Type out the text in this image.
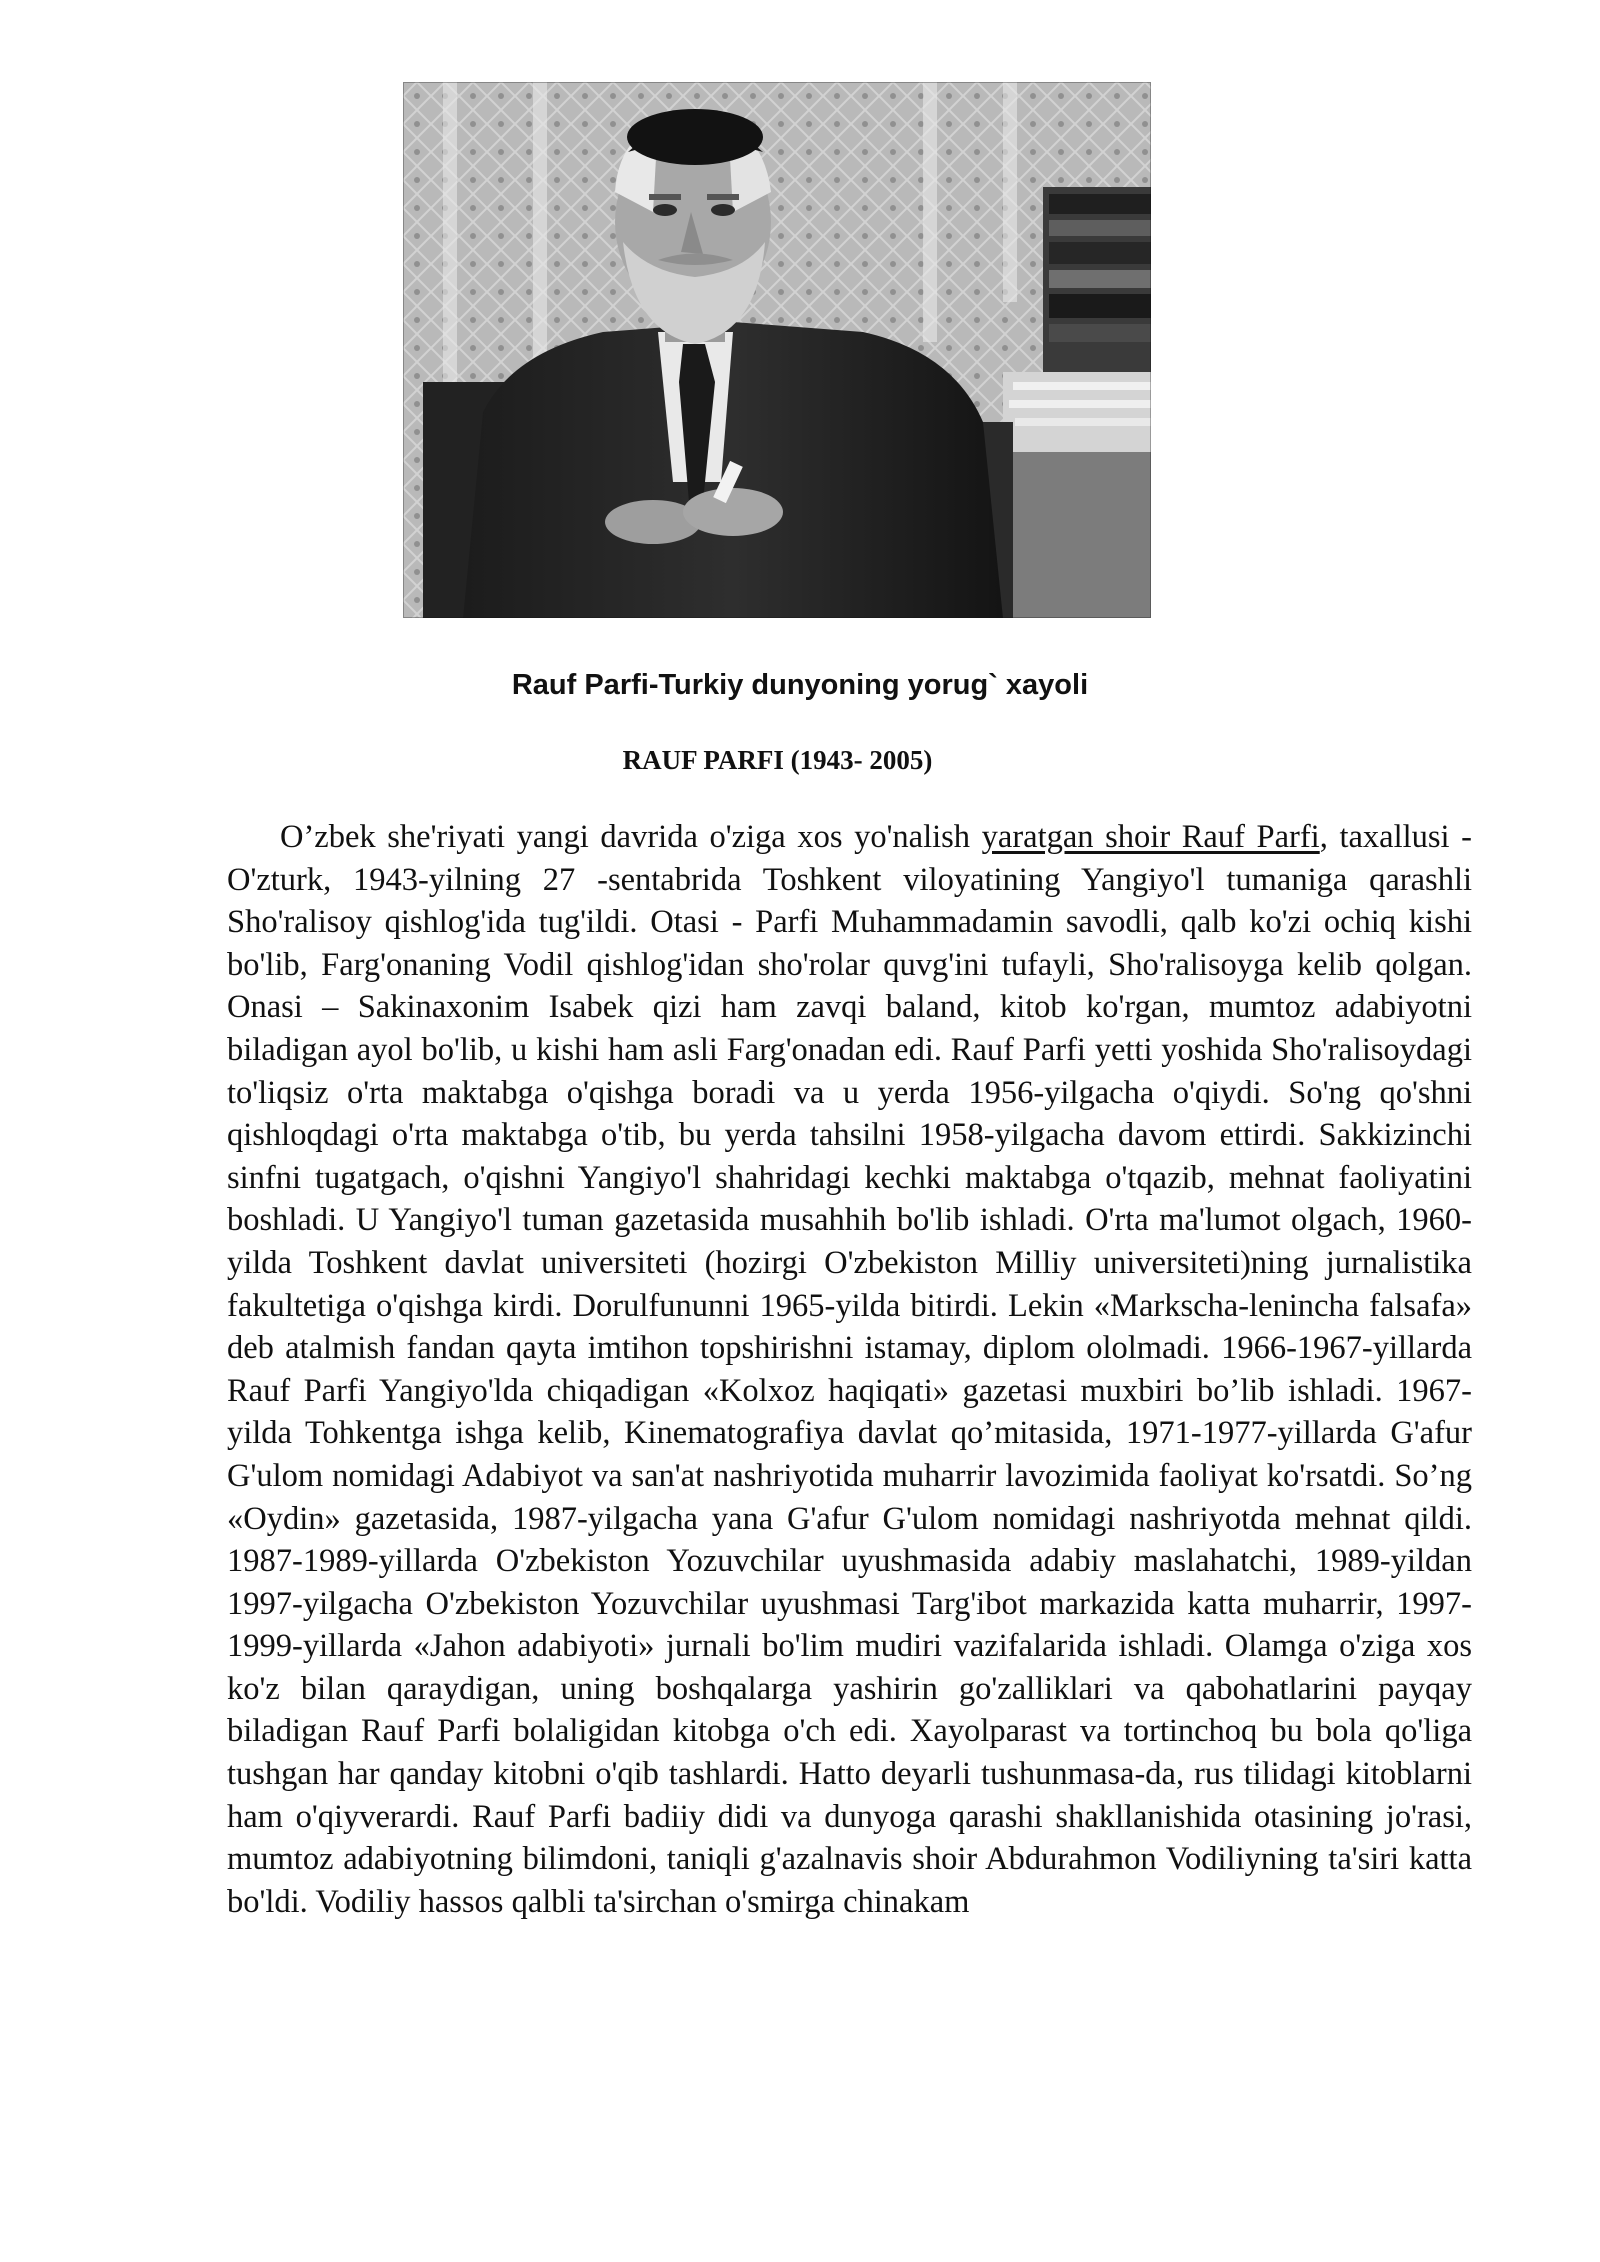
Rauf Parfi-Turkiy dunyoning yorug` xayoli
RAUF PARFI (1943- 2005)

O’zbek she'riyati yangi davrida o'ziga xos yo'nalish yaratgan shoir Rauf Parfi, taxallusi - O'zturk, 1943-yilning 27 -sentabrida Toshkent viloyatining Yangiyo'l tumaniga qarashli Sho'ralisoy qishlog'ida tug'ildi. Otasi - Parfi Muhammadamin savodli, qalb ko'zi ochiq kishi bo'lib, Farg'onaning Vodil qishlog'idan sho'rolar quvg'ini tufayli, Sho'ralisoyga kelib qolgan. Onasi – Sakinaxonim Isabek qizi ham zavqi baland, kitob ko'rgan, mumtoz adabiyotni biladigan ayol bo'lib, u kishi ham asli Farg'onadan edi. Rauf Parfi yetti yoshida Sho'ralisoydagi to'liqsiz o'rta maktabga o'qishga boradi va u yerda 1956-yilgacha o'qiydi. So'ng qo'shni qishloqdagi o'rta maktabga o'tib, bu yerda tahsilni 1958-yilgacha davom ettirdi. Sakkizinchi sinfni tugatgach, o'qishni Yangiyo'l shahridagi kechki maktabga o'tqazib, mehnat faoliyatini boshladi. U Yangiyo'l tuman gazetasida musahhih bo'lib ishladi. O'rta ma'lumot olgach, 1960-yilda Toshkent davlat universiteti (hozirgi O'zbekiston Milliy universiteti)ning jurnalistika fakultetiga o'qishga kirdi. Dorulfununni 1965-yilda bitirdi. Lekin «Markscha-lenincha falsafa» deb atalmish fandan qayta imtihon topshirishni istamay, diplom ololmadi. 1966-1967-yillarda Rauf Parfi Yangiyo'lda chiqadigan «Kolxoz haqiqati» gazetasi muxbiri bo’lib ishladi. 1967-yilda Tohkentga ishga kelib, Kinematografiya davlat qo’mitasida, 1971-1977-yillarda G'afur G'ulom nomidagi Adabiyot va san'at nashriyotida muharrir lavozimida faoliyat ko'rsatdi. So’ng «Oydin» gazetasida, 1987-yilgacha yana G'afur G'ulom nomidagi nashriyotda mehnat qildi. 1987-1989-yillarda O'zbekiston Yozuvchilar uyushmasida adabiy maslahatchi, 1989-yildan 1997-yilgacha O'zbekiston Yozuvchilar uyushmasi Targ'ibot markazida katta muharrir, 1997-1999-yillarda «Jahon adabiyoti» jurnali bo'lim mudiri vazifalarida ishladi. Olamga o'ziga xos ko'z bilan qaraydigan, uning boshqalarga yashirin go'zalliklari va qabohatlarini payqay biladigan Rauf Parfi bolaligidan kitobga o'ch edi. Xayolparast va tortinchoq bu bola qo'liga tushgan har qanday kitobni o'qib tashlardi. Hatto deyarli tushunmasa-da, rus tilidagi kitoblarni ham o'qiyverardi. Rauf Parfi badiiy didi va dunyoga qarashi shakllanishida otasining jo'rasi, mumtoz adabiyotning bilimdoni, taniqli g'azalnavis shoir Abdurahmon Vodiliyning ta'siri katta bo'ldi. Vodiliy hassos qalbli ta'sirchan o'smirga chinakam
